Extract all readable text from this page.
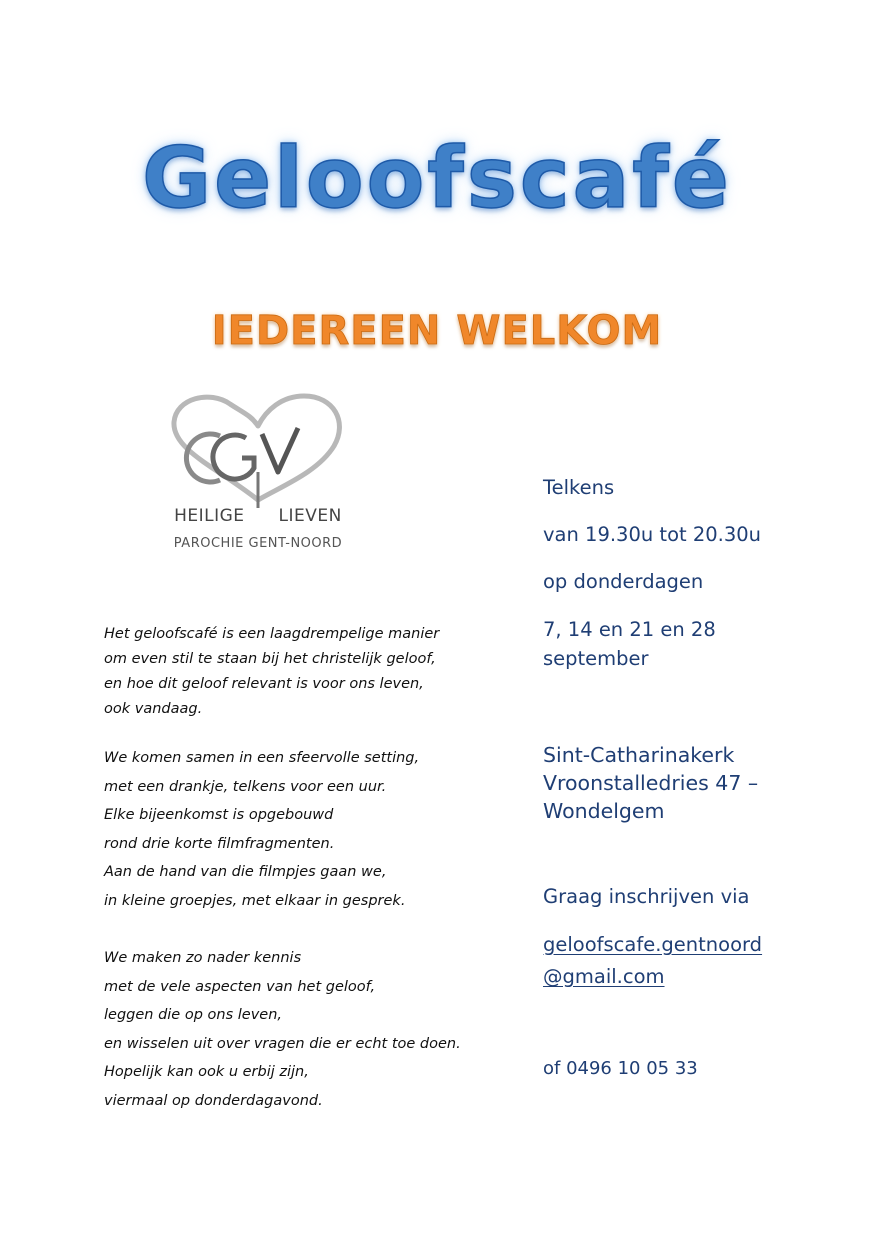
Geloofscafé
IEDEREEN WELKOM
HEILIGE LIEVEN
PAROCHIE GENT-NOORD
Het geloofscafé is een laagdrempelige manier
om even stil te staan bij het christelijk geloof,
en hoe dit geloof relevant is voor ons leven,
ook vandaag.
We komen samen in een sfeervolle setting,
met een drankje, telkens voor een uur.
Elke bijeenkomst is opgebouwd
rond drie korte filmfragmenten.
Aan de hand van die filmpjes gaan we,
in kleine groepjes, met elkaar in gesprek.
We maken zo nader kennis
met de vele aspecten van het geloof,
leggen die op ons leven,
en wisselen uit over vragen die er echt toe doen.
Hopelijk kan ook u erbij zijn,
viermaal op donderdagavond.
Telkens
van 19.30u tot 20.30u
op donderdagen
7, 14 en 21 en 28
september
Sint-Catharinakerk
Vroonstalledries 47 –
Wondelgem
Graag inschrijven via
geloofscafe.gentnoord
@gmail.com
of 0496 10 05 33
